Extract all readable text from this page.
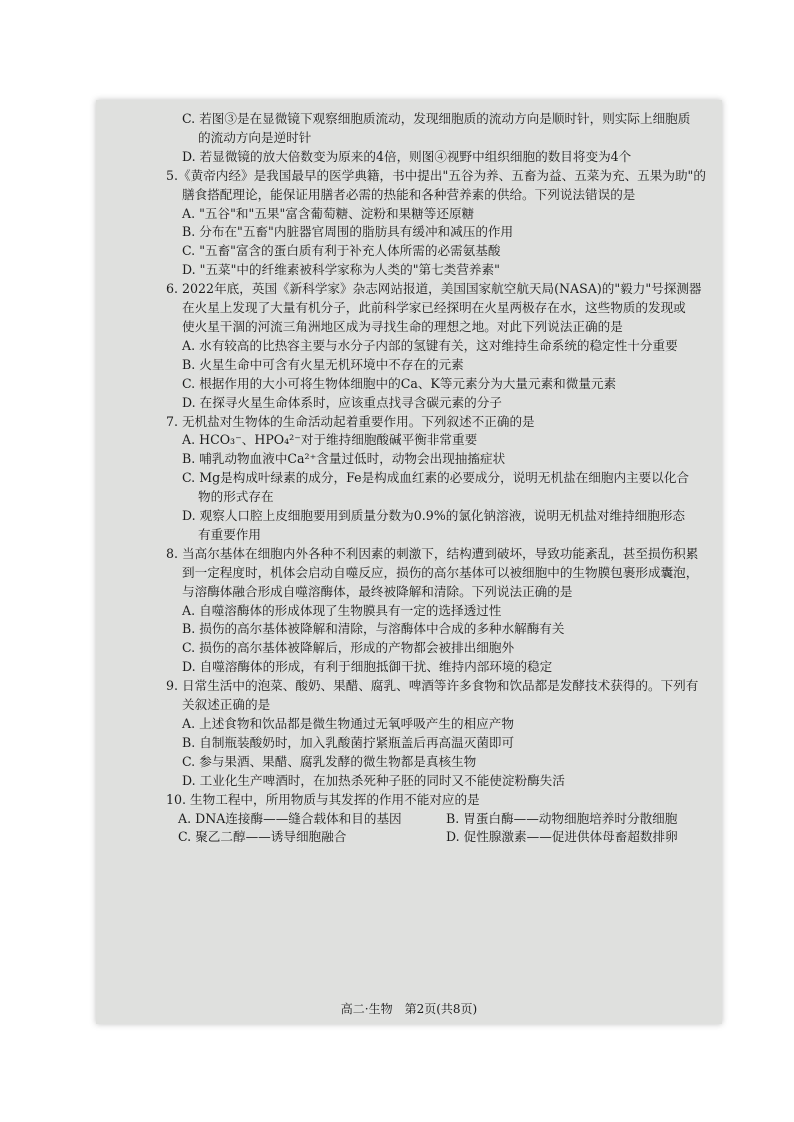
C. 若图③是在显微镜下观察细胞质流动，发现细胞质的流动方向是顺时针，则实际上细胞质
的流动方向是逆时针
D. 若显微镜的放大倍数变为原来的4倍，则图④视野中组织细胞的数目将变为4个
5.《黄帝内经》是我国最早的医学典籍，书中提出"五谷为养、五畜为益、五菜为充、五果为助"的
膳食搭配理论，能保证用膳者必需的热能和各种营养素的供给。下列说法错误的是
A. "五谷"和"五果"富含葡萄糖、淀粉和果糖等还原糖
B. 分布在"五畜"内脏器官周围的脂肪具有缓冲和减压的作用
C. "五畜"富含的蛋白质有利于补充人体所需的必需氨基酸
D. "五菜"中的纤维素被科学家称为人类的"第七类营养素"
6. 2022年底，英国《新科学家》杂志网站报道，美国国家航空航天局(NASA)的"毅力"号探测器
在火星上发现了大量有机分子，此前科学家已经探明在火星两极存在水，这些物质的发现或
使火星干涸的河流三角洲地区成为寻找生命的理想之地。对此下列说法正确的是
A. 水有较高的比热容主要与水分子内部的氢键有关，这对维持生命系统的稳定性十分重要
B. 火星生命中可含有火星无机环境中不存在的元素
C. 根据作用的大小可将生物体细胞中的Ca、K等元素分为大量元素和微量元素
D. 在探寻火星生命体系时，应该重点找寻含碳元素的分子
7. 无机盐对生物体的生命活动起着重要作用。下列叙述不正确的是
A. HCO₃⁻、HPO₄²⁻对于维持细胞酸碱平衡非常重要
B. 哺乳动物血液中Ca²⁺含量过低时，动物会出现抽搐症状
C. Mg是构成叶绿素的成分，Fe是构成血红素的必要成分，说明无机盐在细胞内主要以化合
物的形式存在
D. 观察人口腔上皮细胞要用到质量分数为0.9%的氯化钠溶液，说明无机盐对维持细胞形态
有重要作用
8. 当高尔基体在细胞内外各种不利因素的刺激下，结构遭到破坏，导致功能紊乱，甚至损伤积累
到一定程度时，机体会启动自噬反应，损伤的高尔基体可以被细胞中的生物膜包裹形成囊泡，
与溶酶体融合形成自噬溶酶体，最终被降解和清除。下列说法正确的是
A. 自噬溶酶体的形成体现了生物膜具有一定的选择透过性
B. 损伤的高尔基体被降解和清除，与溶酶体中合成的多种水解酶有关
C. 损伤的高尔基体被降解后，形成的产物都会被排出细胞外
D. 自噬溶酶体的形成，有利于细胞抵御干扰、维持内部环境的稳定
9. 日常生活中的泡菜、酸奶、果醋、腐乳、啤酒等许多食物和饮品都是发酵技术获得的。下列有
关叙述正确的是
A. 上述食物和饮品都是微生物通过无氧呼吸产生的相应产物
B. 自制瓶装酸奶时，加入乳酸菌拧紧瓶盖后再高温灭菌即可
C. 参与果酒、果醋、腐乳发酵的微生物都是真核生物
D. 工业化生产啤酒时，在加热杀死种子胚的同时又不能使淀粉酶失活
10. 生物工程中，所用物质与其发挥的作用不能对应的是
A. DNA连接酶——缝合载体和目的基因	B. 胃蛋白酶——动物细胞培养时分散细胞
C. 聚乙二醇——诱导细胞融合	D. 促性腺激素——促进供体母畜超数排卵
高二·生物　第2页(共8页)
